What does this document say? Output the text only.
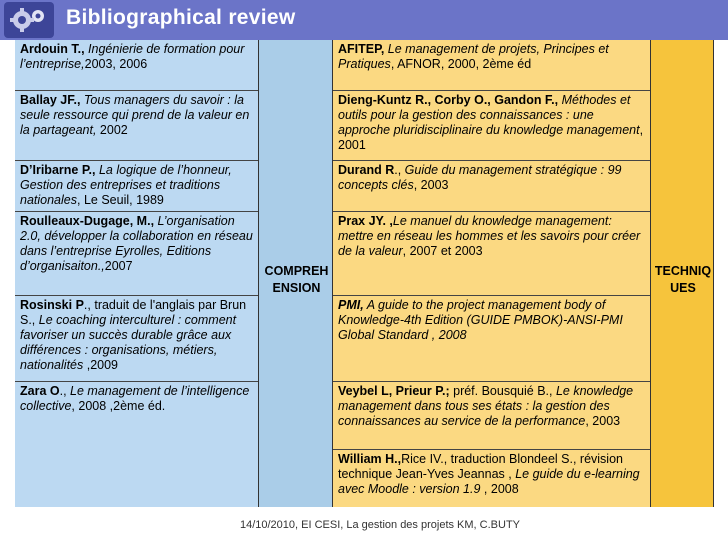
Bibliographical review
Ardouin T., Ingénierie de formation pour l’entreprise,2003, 2006
Ballay JF., Tous managers du savoir : la seule ressource qui prend de la valeur en la partageant, 2002
D’Iribarne P., La logique de l’honneur, Gestion des entreprises et traditions nationales, Le Seuil, 1989
Roulleaux-Dugage, M., L’organisation 2.0, développer la collaboration en réseau dans l’entreprise Eyrolles, Editions d’organisaiton.,2007
Rosinski P., traduit de l'anglais par Brun S., Le coaching interculturel : comment favoriser un succès durable grâce aux différences : organisations, métiers, nationalités ,2009
Zara O., Le management de l’intelligence collective, 2008 ,2ème éd.
COMPREH
ENSION
AFITEP, Le management de projets, Principes et Pratiques, AFNOR, 2000, 2ème éd
Dieng-Kuntz R., Corby O., Gandon F., Méthodes et outils pour la gestion des connaissances : une approche pluridisciplinaire du knowledge management, 2001
Durand R., Guide du management stratégique : 99 concepts clés, 2003
Prax JY. ,Le manuel du knowledge management: mettre en réseau les hommes et les savoirs pour créer de la valeur, 2007 et 2003
PMI, A guide to the project management body of Knowledge-4th Edition (GUIDE PMBOK)-ANSI-PMI Global Standard , 2008
Veybel L, Prieur P.; préf. Bousquié B., Le knowledge management dans tous ses états : la gestion des connaissances au service de la performance, 2003
William H.,Rice IV., traduction Blondeel S., révision technique Jean-Yves Jeannas , Le guide du e-learning avec Moodle : version 1.9 , 2008
TECHNIQ
UES
14/10/2010, EI CESI, La gestion des projets KM, C.BUTY
